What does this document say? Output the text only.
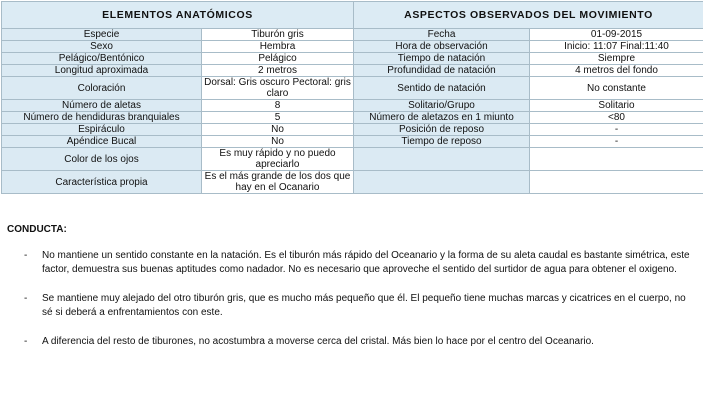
ELEMENTOS ANATÓMICOS		ASPECTOS OBSERVADOS DEL MOVIMIENTO	
Especie	Tiburón gris	Fecha	01-09-2015
Sexo	Hembra	Hora de observación	Inicio: 11:07 Final:11:40
Pelágico/Bentónico	Pelágico	Tiempo de natación	Siempre
Longitud aproximada	2 metros	Profundidad de natación	4 metros del fondo
Coloración	Dorsal: Gris oscuro Pectoral: gris claro	Sentido de natación	No constante
Número de aletas	8	Solitario/Grupo	Solitario
Número de hendiduras branquiales	5	Número de aletazos en 1 miunto	<80
Espiráculo	No	Posición de reposo	-
Apéndice Bucal	No	Tiempo de reposo	-
Color de los ojos	Es muy rápido y no puedo apreciarlo		
Característica propia	Es el más grande de los dos que hay en el Ocanario		
CONDUCTA:
- No mantiene un sentido constante en la natación. Es el tiburón más rápido del Oceanario y la forma de su aleta caudal es bastante simétrica, este factor, demuestra sus buenas aptitudes como nadador. No es necesario que aproveche el sentido del surtidor de agua para obtener el oxigeno.
- Se mantiene muy alejado del otro tiburón gris, que es mucho más pequeño que él. El pequeño tiene muchas marcas y cicatrices en el cuerpo, no sé si deberá a enfrentamientos con este.
- A diferencia del resto de tiburones, no acostumbra a moverse cerca del cristal. Más bien lo hace por el centro del Oceanario.
